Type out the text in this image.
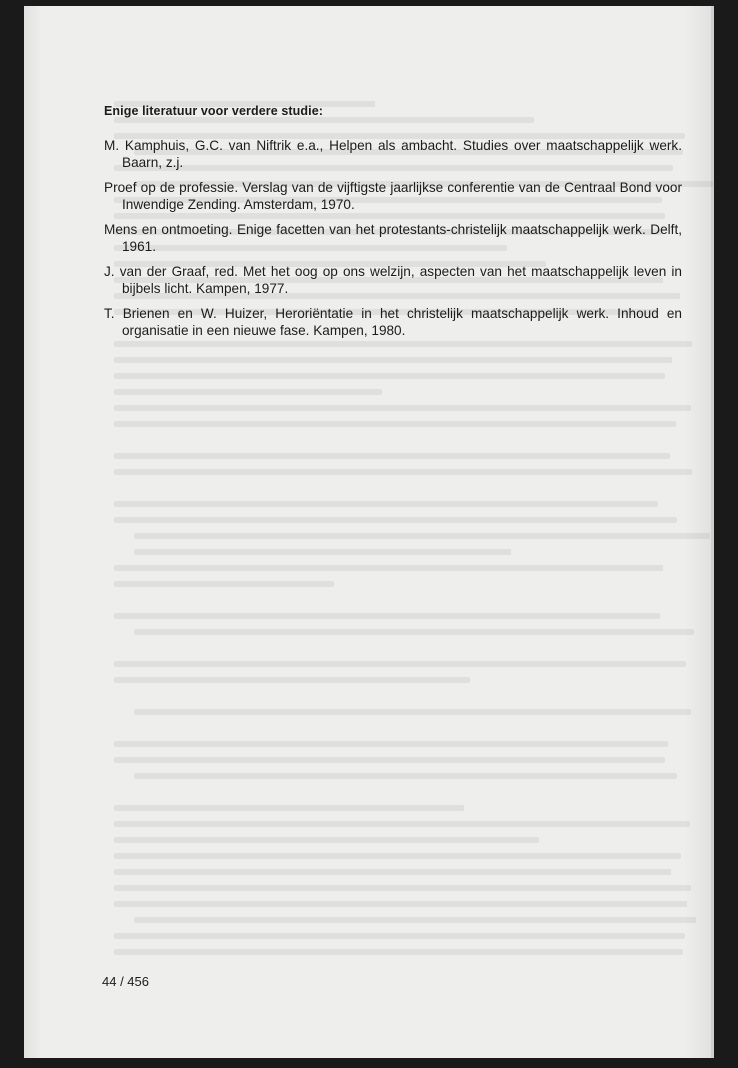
Enige literatuur voor verdere studie:

M. Kamphuis, G.C. van Niftrik e.a., Helpen als ambacht. Studies over maatschappelijk werk. Baarn, z.j.

Proef op de professie. Verslag van de vijftigste jaarlijkse conferentie van de Centraal Bond voor Inwendige Zending. Amsterdam, 1970.

Mens en ontmoeting. Enige facetten van het protestants-christelijk maatschappelijk werk. Delft, 1961.

J. van der Graaf, red. Met het oog op ons welzijn, aspecten van het maatschappelijk leven in bijbels licht. Kampen, 1977.

T. Brienen en W. Huizer, Heroriëntatie in het christelijk maatschappelijk werk. Inhoud en organisatie in een nieuwe fase. Kampen, 1980.

44 / 456
